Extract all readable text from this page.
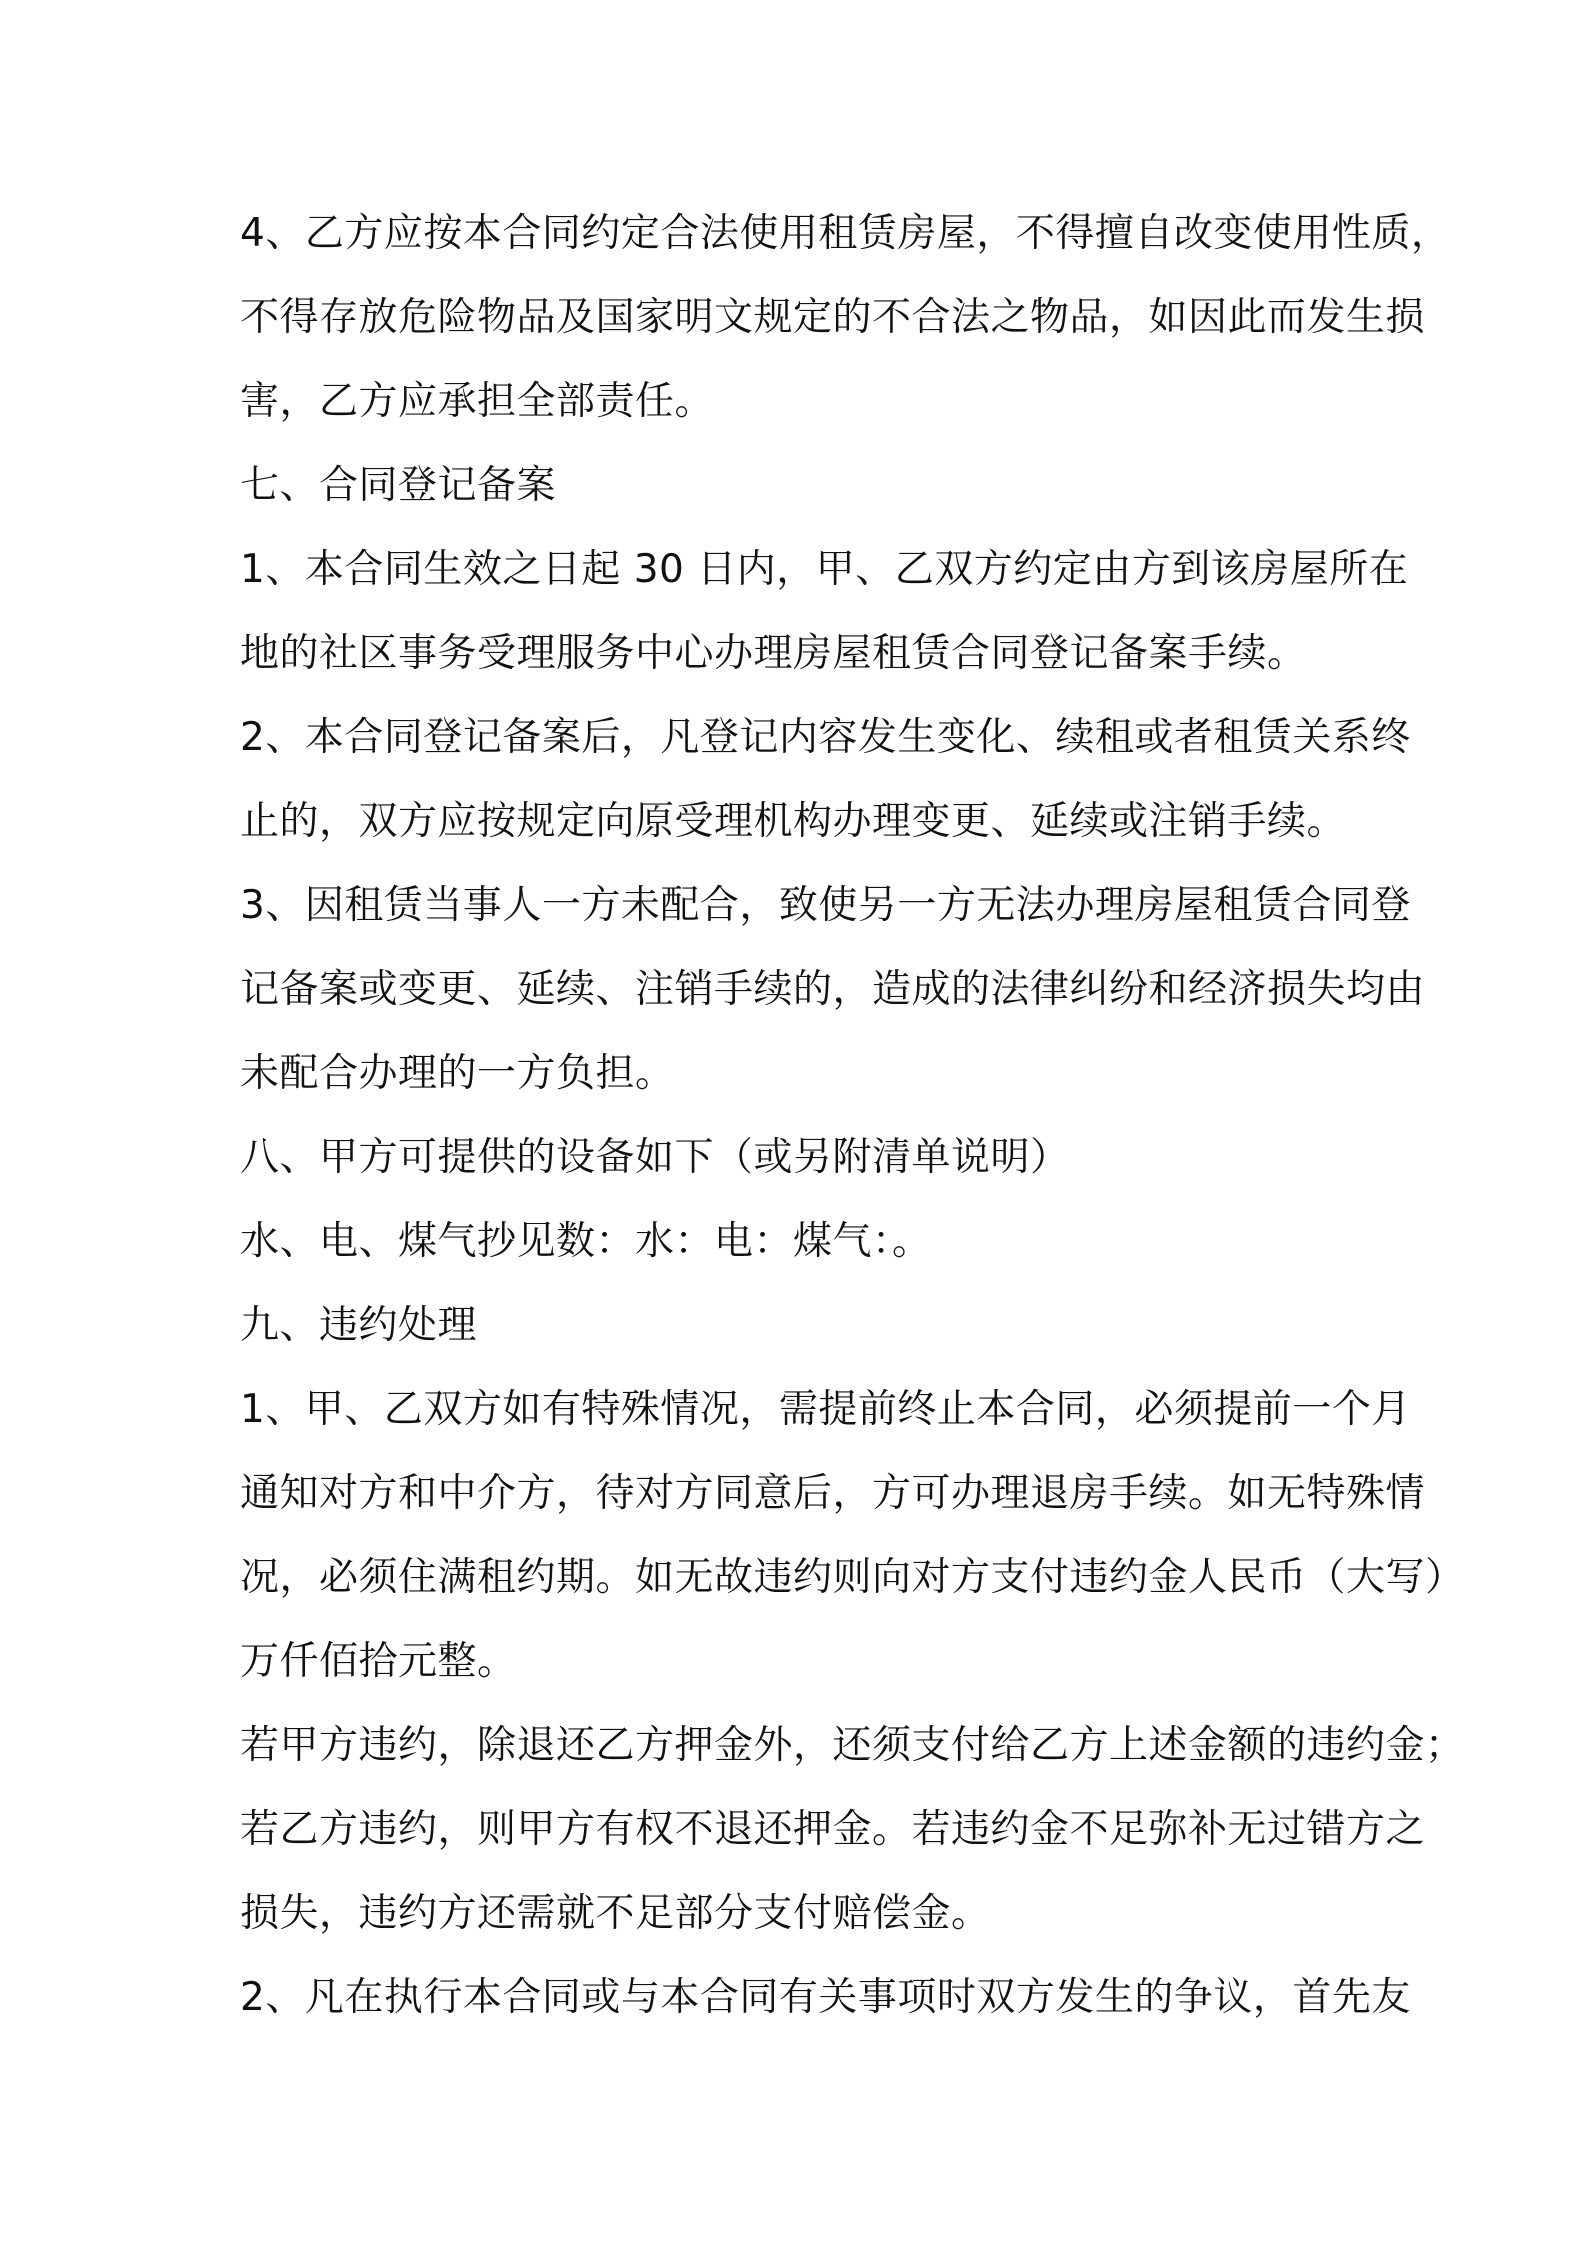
4、乙方应按本合同约定合法使用租赁房屋，不得擅自改变使用性质，
不得存放危险物品及国家明文规定的不合法之物品，如因此而发生损
害，乙方应承担全部责任。
七、合同登记备案
1、本合同生效之日起 30 日内，甲、乙双方约定由方到该房屋所在
地的社区事务受理服务中心办理房屋租赁合同登记备案手续。
2、本合同登记备案后，凡登记内容发生变化、续租或者租赁关系终
止的，双方应按规定向原受理机构办理变更、延续或注销手续。
3、因租赁当事人一方未配合，致使另一方无法办理房屋租赁合同登
记备案或变更、延续、注销手续的，造成的法律纠纷和经济损失均由
未配合办理的一方负担。
八、甲方可提供的设备如下（或另附清单说明）
水、电、煤气抄见数：水：电：煤气：。
九、违约处理
1、甲、乙双方如有特殊情况，需提前终止本合同，必须提前一个月
通知对方和中介方，待对方同意后，方可办理退房手续。如无特殊情
况，必须住满租约期。如无故违约则向对方支付违约金人民币（大写）
万仟佰拾元整。
若甲方违约，除退还乙方押金外，还须支付给乙方上述金额的违约金；
若乙方违约，则甲方有权不退还押金。若违约金不足弥补无过错方之
损失，违约方还需就不足部分支付赔偿金。
2、凡在执行本合同或与本合同有关事项时双方发生的争议，首先友
